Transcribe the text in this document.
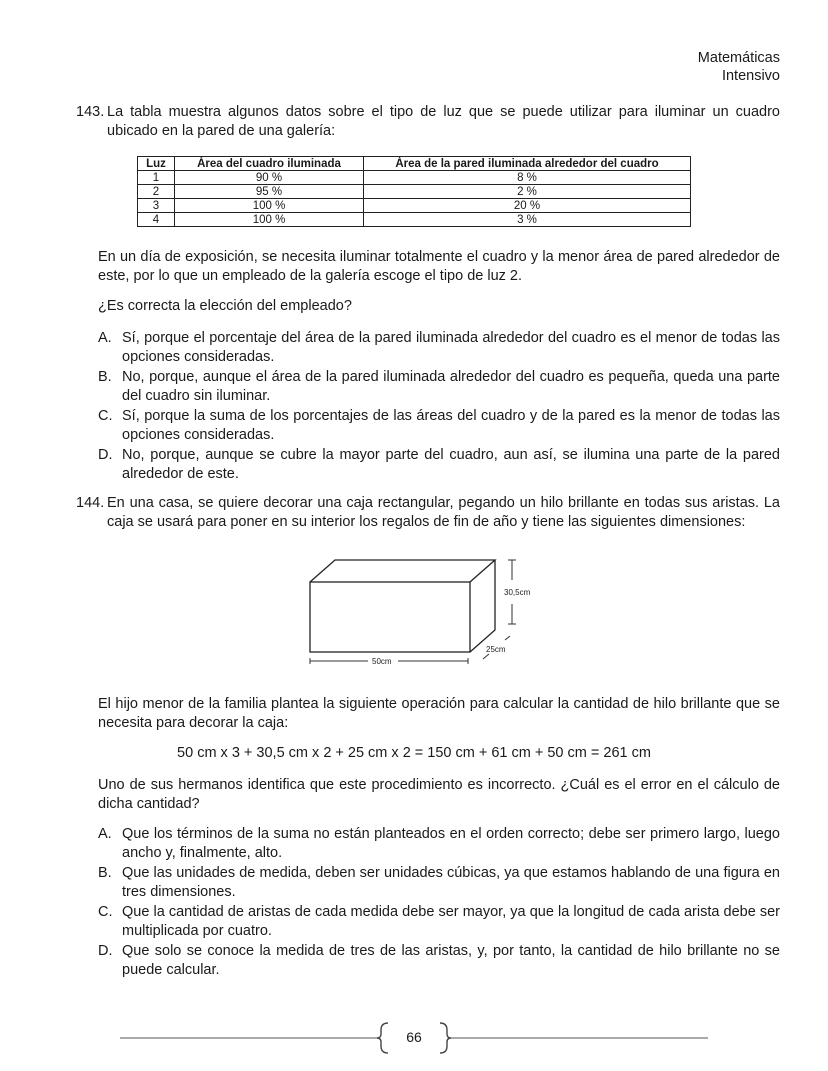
Matemáticas
Intensivo

143. La tabla muestra algunos datos sobre el tipo de luz que se puede utilizar para iluminar un cuadro ubicado en la pared de una galería:

Luz	Área del cuadro iluminada	Área de la pared iluminada alrededor del cuadro
1	90 %	8 %
2	95 %	2 %
3	100 %	20 %
4	100 %	3 %

En un día de exposición, se necesita iluminar totalmente el cuadro y la menor área de pared alrededor de este, por lo que un empleado de la galería escoge el tipo de luz 2.

¿Es correcta la elección del empleado?

A. Sí, porque el porcentaje del área de la pared iluminada alrededor del cuadro es el menor de todas las opciones consideradas.
B. No, porque, aunque el área de la pared iluminada alrededor del cuadro es pequeña, queda una parte del cuadro sin iluminar.
C. Sí, porque la suma de los porcentajes de las áreas del cuadro y de la pared es la menor de todas las opciones consideradas.
D. No, porque, aunque se cubre la mayor parte del cuadro, aun así, se ilumina una parte de la pared alrededor de este.

144. En una casa, se quiere decorar una caja rectangular, pegando un hilo brillante en todas sus aristas. La caja se usará para poner en su interior los regalos de fin de año y tiene las siguientes dimensiones:

30,5cm
25cm
50cm

El hijo menor de la familia plantea la siguiente operación para calcular la cantidad de hilo brillante que se necesita para decorar la caja:

50 cm x 3 + 30,5 cm x 2 + 25 cm x 2 = 150 cm + 61 cm + 50 cm = 261 cm

Uno de sus hermanos identifica que este procedimiento es incorrecto. ¿Cuál es el error en el cálculo de dicha cantidad?

A. Que los términos de la suma no están planteados en el orden correcto; debe ser primero largo, luego ancho y, finalmente, alto.
B. Que las unidades de medida, deben ser unidades cúbicas, ya que estamos hablando de una figura en tres dimensiones.
C. Que la cantidad de aristas de cada medida debe ser mayor, ya que la longitud de cada arista debe ser multiplicada por cuatro.
D. Que solo se conoce la medida de tres de las aristas, y, por tanto, la cantidad de hilo brillante no se puede calcular.
66
